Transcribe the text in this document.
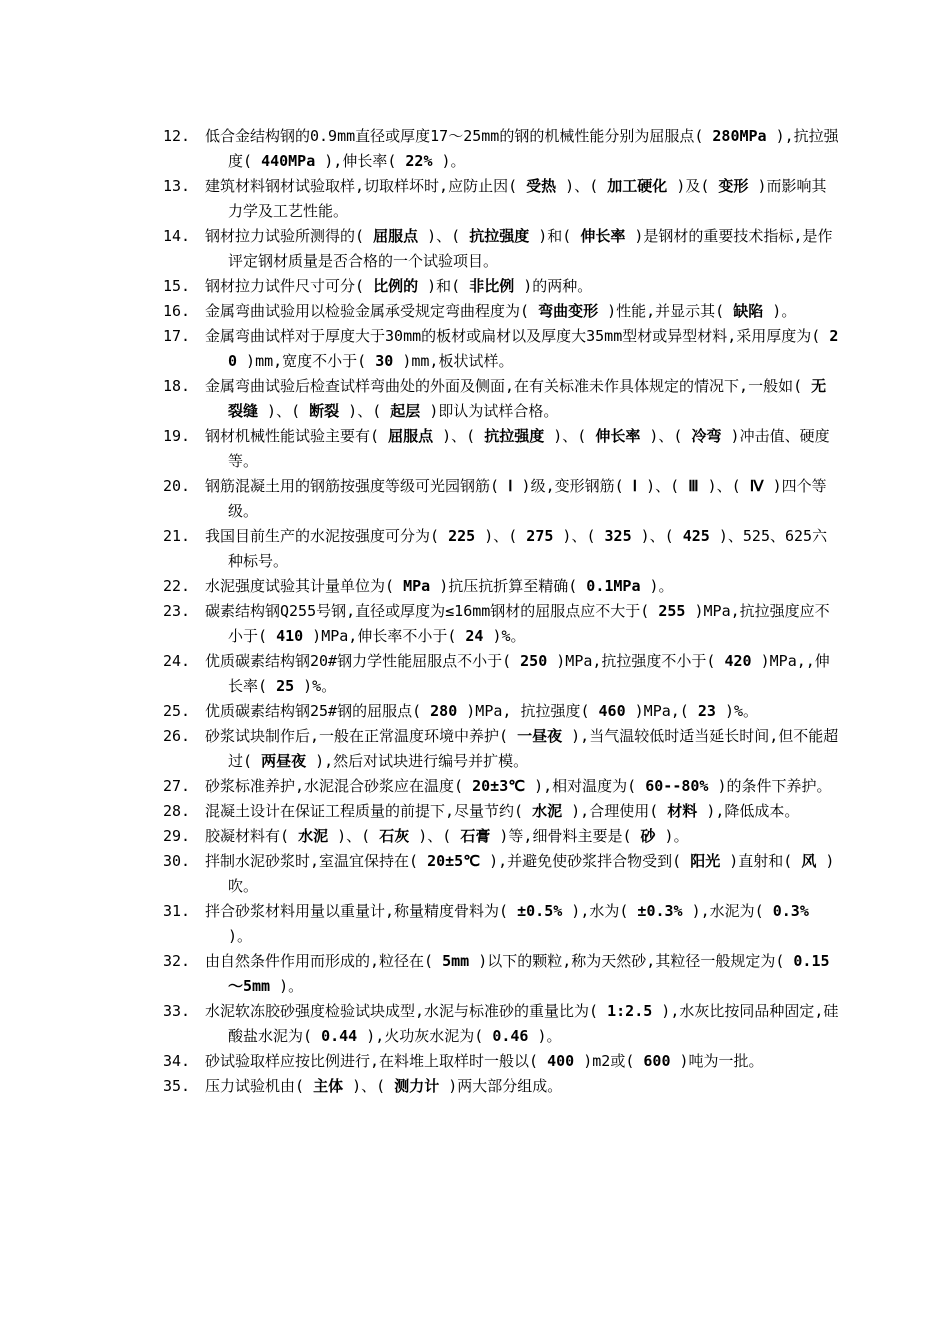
12. 低合金结构钢的0.9mm直径或厚度17～25mm的钢的机械性能分别为屈服点( 280MPa ),抗拉强度( 440MPa ),伸长率( 22% )。

13. 建筑材料钢材试验取样,切取样坏时,应防止因( 受热 )、( 加工硬化 )及( 变形 )而影响其力学及工艺性能。

14. 钢材拉力试验所测得的( 屈服点 )、( 抗拉强度 )和( 伸长率 )是钢材的重要技术指标,是作评定钢材质量是否合格的一个试验项目。

15. 钢材拉力试件尺寸可分( 比例的 )和( 非比例 )的两种。

16. 金属弯曲试验用以检验金属承受规定弯曲程度为( 弯曲变形 )性能,并显示其( 缺陷 )。

17. 金属弯曲试样对于厚度大于30mm的板材或扁材以及厚度大35mm型材或异型材料,采用厚度为( 20 )mm,宽度不小于( 30 )mm,板状试样。

18. 金属弯曲试验后检查试样弯曲处的外面及侧面,在有关标准未作具体规定的情况下,一般如( 无裂缝 )、( 断裂 )、( 起层 )即认为试样合格。

19. 钢材机械性能试验主要有( 屈服点 )、( 抗拉强度 )、( 伸长率 )、( 冷弯 )冲击值、硬度等。

20. 钢筋混凝土用的钢筋按强度等级可光园钢筋( Ⅰ )级,变形钢筋( Ⅰ )、( Ⅲ )、( Ⅳ )四个等级。

21. 我国目前生产的水泥按强度可分为( 225 )、( 275 )、( 325 )、( 425 )、525、625六种标号。

22. 水泥强度试验其计量单位为( MPa )抗压抗折算至精确( 0.1MPa )。

23. 碳素结构钢Q255号钢,直径或厚度为≤16mm钢材的屈服点应不大于( 255 )MPa,抗拉强度应不小于( 410 )MPa,伸长率不小于( 24 )%。

24. 优质碳素结构钢20#钢力学性能屈服点不小于( 250 )MPa,抗拉强度不小于( 420 )MPa,,伸长率( 25 )%。

25. 优质碳素结构钢25#钢的屈服点( 280 )MPa, 抗拉强度( 460 )MPa,( 23 )%。

26. 砂浆试块制作后,一般在正常温度环境中养护( 一昼夜 ),当气温较低时适当延长时间,但不能超过( 两昼夜 ),然后对试块进行编号并扩模。

27. 砂浆标准养护,水泥混合砂浆应在温度( 20±3℃ ),相对温度为( 60--80% )的条件下养护。

28. 混凝土设计在保证工程质量的前提下,尽量节约( 水泥 ),合理使用( 材料 ),降低成本。

29. 胶凝材料有( 水泥 )、( 石灰 )、( 石膏 )等,细骨料主要是( 砂 )。

30. 拌制水泥砂浆时,室温宜保持在( 20±5℃ ),并避免使砂浆拌合物受到( 阳光 )直射和( 风 )吹。

31. 拌合砂浆材料用量以重量计,称量精度骨料为( ±0.5% ),水为( ±0.3% ),水泥为( 0.3% )。

32. 由自然条件作用而形成的,粒径在( 5mm )以下的颗粒,称为天然砂,其粒径一般规定为( 0.15～5mm )。

33. 水泥软冻胶砂强度检验试块成型,水泥与标准砂的重量比为( 1:2.5 ),水灰比按同品种固定,硅酸盐水泥为( 0.44 ),火功灰水泥为( 0.46 )。

34. 砂试验取样应按比例进行,在料堆上取样时一般以( 400 )m2或( 600 )吨为一批。

35. 压力试验机由( 主体 )、( 测力计 )两大部分组成。
